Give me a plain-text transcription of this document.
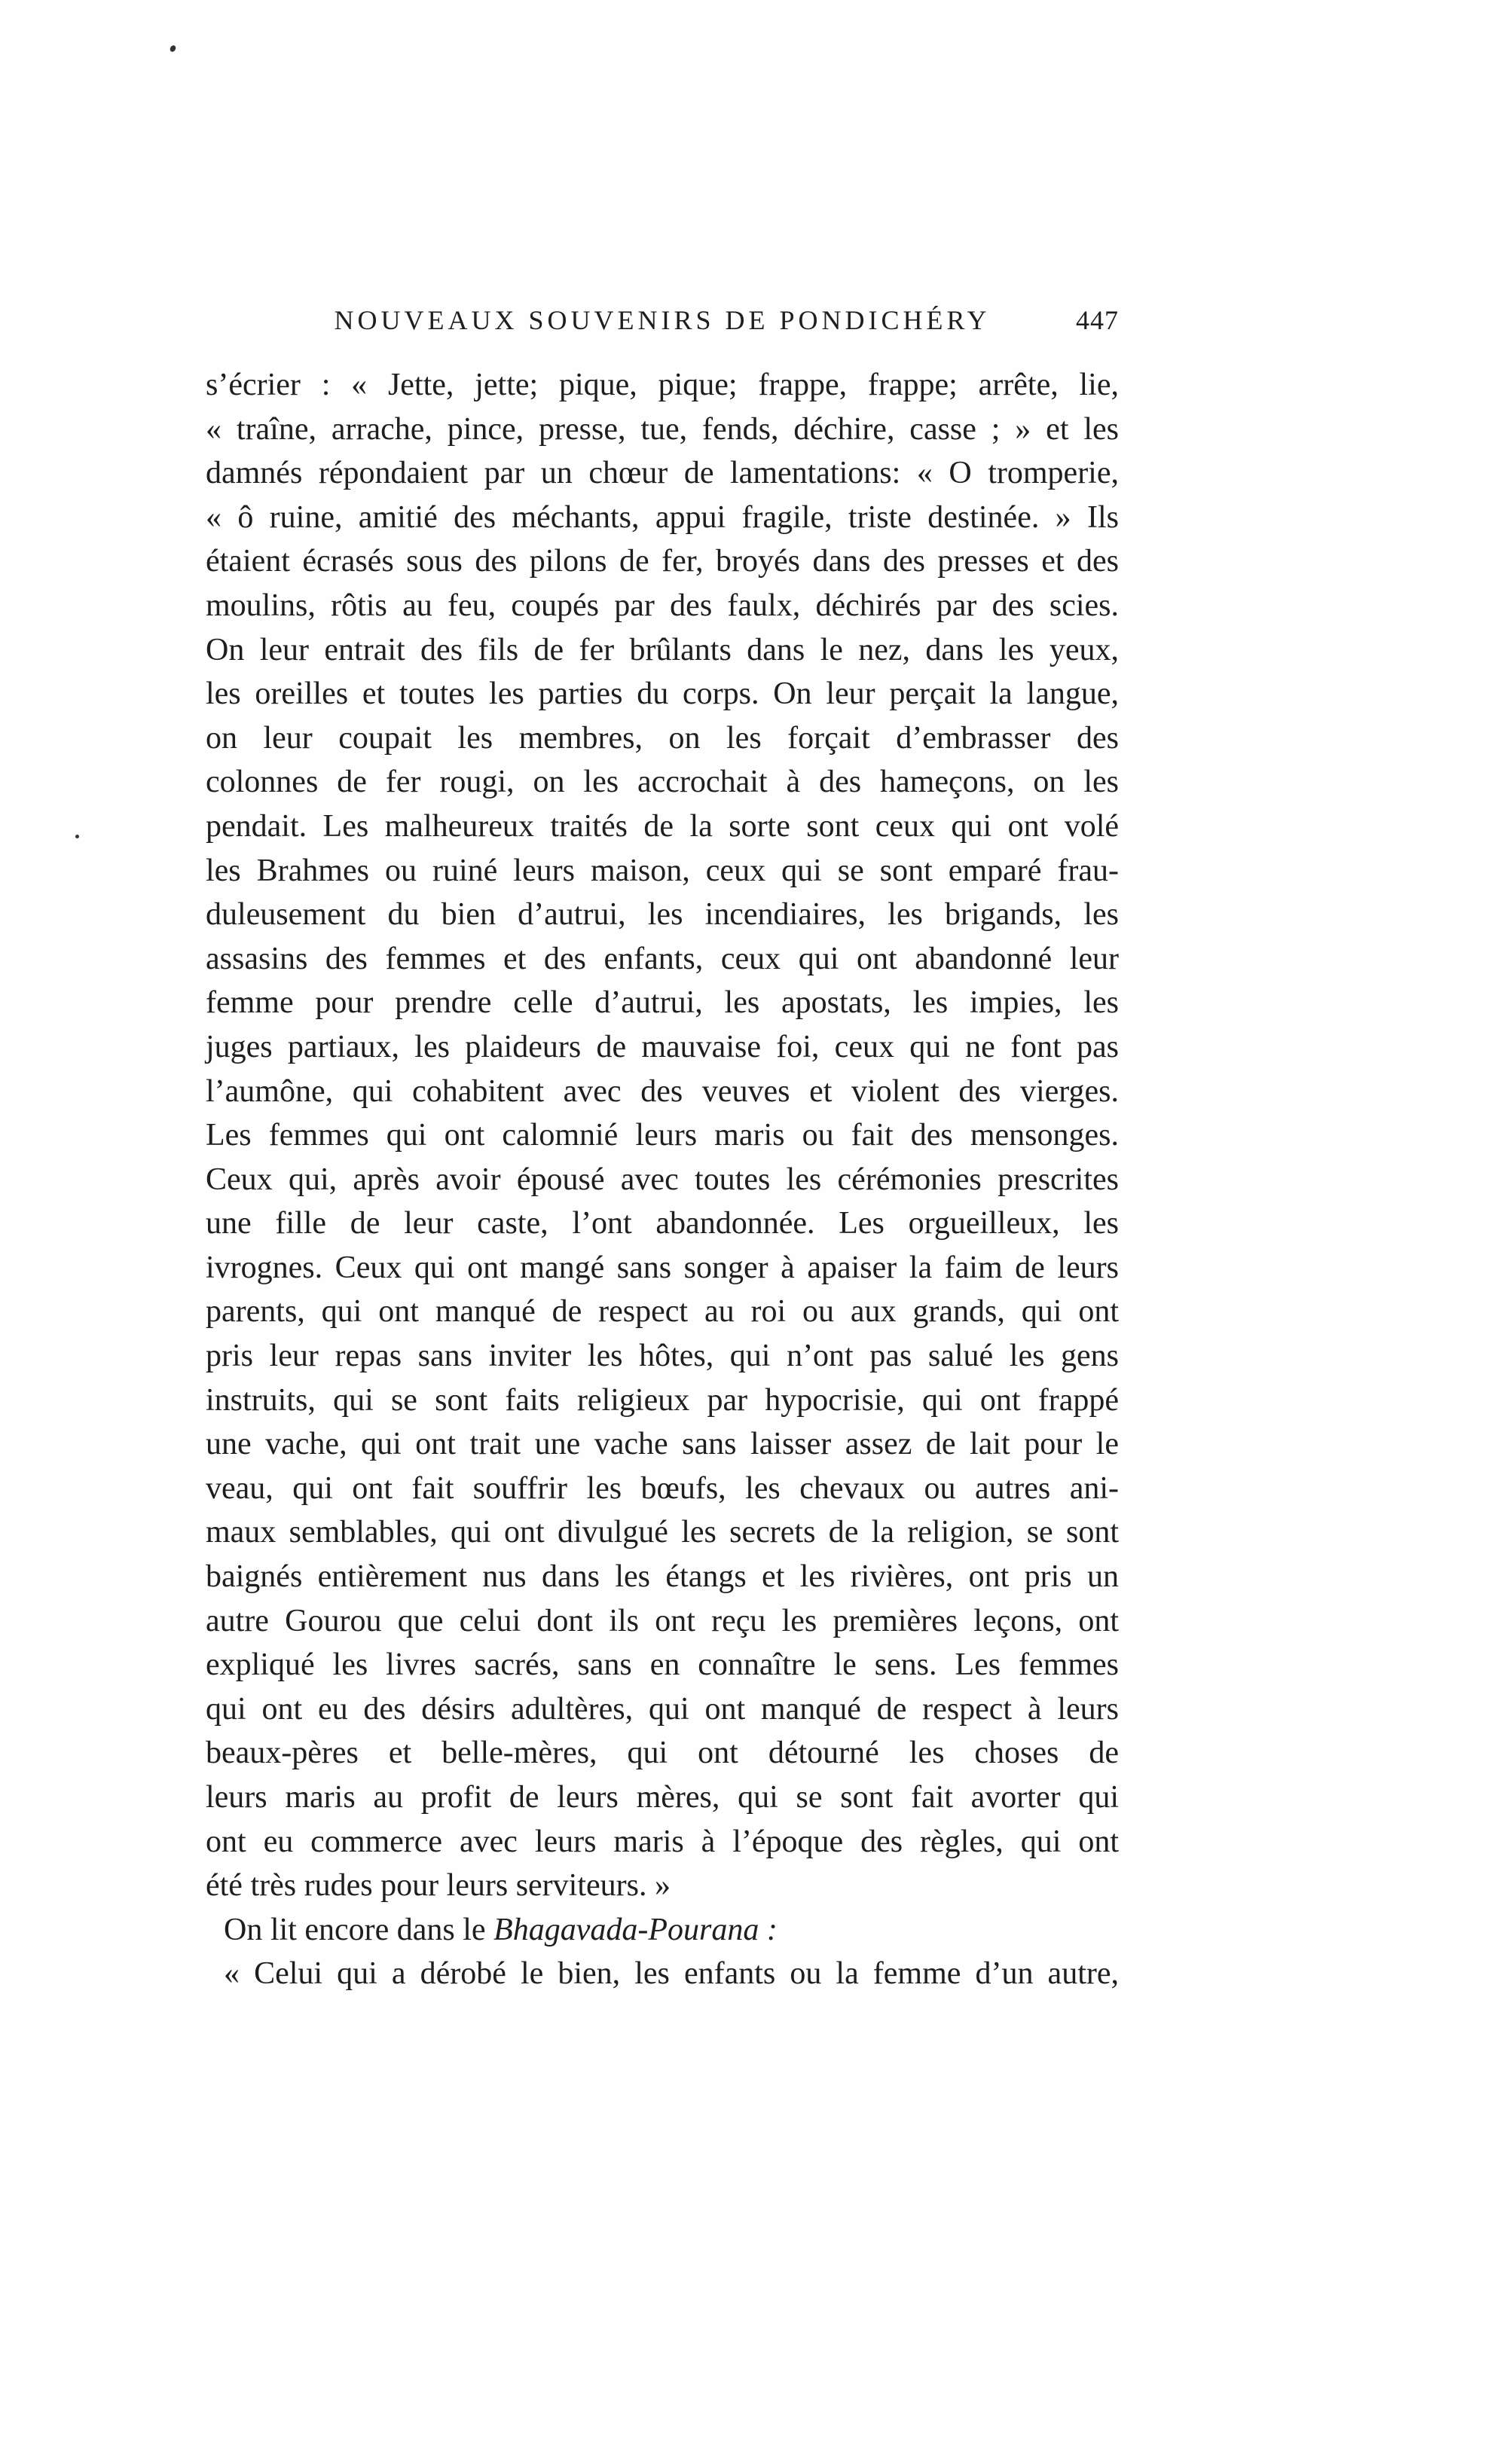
NOUVEAUX SOUVENIRS DE PONDICHÉRY	447
s’écrier : « Jette, jette; pique, pique; frappe, frappe; arrête, lie,
« traîne, arrache, pince, presse, tue, fends, déchire, casse ; » et les
damnés répondaient par un chœur de lamentations: « O tromperie,
« ô ruine, amitié des méchants, appui fragile, triste destinée. » Ils
étaient écrasés sous des pilons de fer, broyés dans des presses et des
moulins, rôtis au feu, coupés par des faulx, déchirés par des scies.
On leur entrait des fils de fer brûlants dans le nez, dans les yeux,
les oreilles et toutes les parties du corps. On leur perçait la langue,
on leur coupait les membres, on les forçait d’embrasser des
colonnes de fer rougi, on les accrochait à des hameçons, on les
pendait. Les malheureux traités de la sorte sont ceux qui ont volé
les Brahmes ou ruiné leurs maison, ceux qui se sont emparé frau-
duleusement du bien d’autrui, les incendiaires, les brigands, les
assasins des femmes et des enfants, ceux qui ont abandonné leur
femme pour prendre celle d’autrui, les apostats, les impies, les
juges partiaux, les plaideurs de mauvaise foi, ceux qui ne font pas
l’aumône, qui cohabitent avec des veuves et violent des vierges.
Les femmes qui ont calomnié leurs maris ou fait des mensonges.
Ceux qui, après avoir épousé avec toutes les cérémonies prescrites
une fille de leur caste, l’ont abandonnée. Les orgueilleux, les
ivrognes. Ceux qui ont mangé sans songer à apaiser la faim de leurs
parents, qui ont manqué de respect au roi ou aux grands, qui ont
pris leur repas sans inviter les hôtes, qui n’ont pas salué les gens
instruits, qui se sont faits religieux par hypocrisie, qui ont frappé
une vache, qui ont trait une vache sans laisser assez de lait pour le
veau, qui ont fait souffrir les bœufs, les chevaux ou autres ani-
maux semblables, qui ont divulgué les secrets de la religion, se sont
baignés entièrement nus dans les étangs et les rivières, ont pris un
autre Gourou que celui dont ils ont reçu les premières leçons, ont
expliqué les livres sacrés, sans en connaître le sens. Les femmes
qui ont eu des désirs adultères, qui ont manqué de respect à leurs
beaux-pères et belle-mères, qui ont détourné les choses de
leurs maris au profit de leurs mères, qui se sont fait avorter qui
ont eu commerce avec leurs maris à l’époque des règles, qui ont
été très rudes pour leurs serviteurs. »
On lit encore dans le Bhagavada-Pourana :
« Celui qui a dérobé le bien, les enfants ou la femme d’un autre,
